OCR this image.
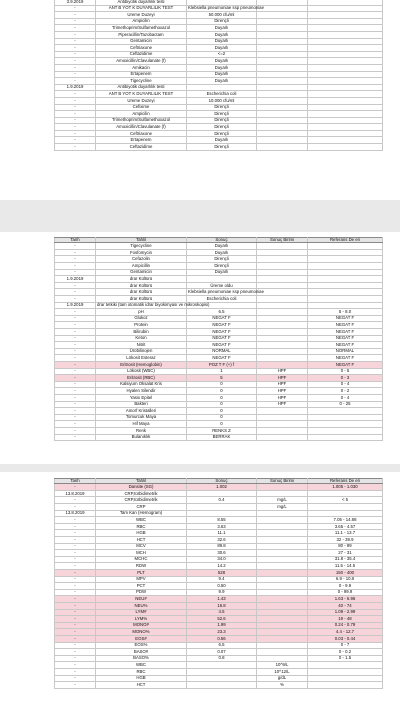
3.9.2019	Antibiyotik duyarlılık testi			
-	ANT B YOT K DUYARLILIK TEST	Klebsiella pneumoniae ssp pneumoniae		
-	Ureme Duzeyi	50.000 cfu/ml		
-	Ampicilin	Dirençli		
-	Trimethoprim/Sulfamethoxazol	Duyarlı		
-	Piperacillin/Tazobactam	Duyarlı		
-	Gentamicin	Duyarlı		
-	Ceftriaxone	Duyarlı		
-	Ceftazidime	<=2		
-	Amoxicillin/Clavulanate (f)	Duyarlı		
-	Amikacin	Duyarlı		
-	Ertapenem	Duyarlı		
-	Tigecycline	Duyarlı		
1.9.2019	Antibiyotik duyarlılık testi			
-	ANT B YOT K DUYARLILIK TEST	Escherichia coli		
-	Ureme Duzeyi	10.000 cfu/ml		
-	Cefixime	Dirençli		
-	Ampicilin	Dirençli		
-	Trimethoprim/Sulfamethoxazol	Dirençli		
-	Amoxicillin/Clavulanate (f)	Dirençli		
-	Ceftriaxone	Dirençli		
-	Ertapenem	Duyarlı		
-	Ceftazidime	Dirençli		
Tarih	Tahlil	Sonuç	Sonuç Birimi	Referans De eri
-	Tigecycline	Duyarlı		
-	Fosfomycin	Duyarlı		
-	Cefazolin	Dirençli		
-	Ampicillin	Dirençli		
-	Gentamicin	Duyarlı		
1.9.2019	drar Kültürü			
-	drar Kültürü	Üreme oldu		
-	drar Kültürü	Klebsiella pneumoniae ssp pneumoniae		
-	drar Kültürü	Escherichia coli		
1.9.2019	drar tetkiki (tam otomatik idrar biyokimyası ve mikroskopisi)			
-	pH	6.5		5 - 8.0
-	Glukoz	NEGAT F		NEGAT F
-	Protein	NEGAT F		NEGAT F
-	Bilirubin	NEGAT F		NEGAT F
-	Keton	NEGAT F		NEGAT F
-	Nitrit	NEGAT F		NEGAT F
-	Ürobilinojen	NORMAL		NORMAL
-	Lökosit Esteraz	NEGAT F		NEGAT F
-	Eritrosit (Hemoglobin)	POZ T F (+) f		NEGAT F
-	Lökosit (WBC)	1	HPF	0 - 5
-	Eritrosit (RBC)	5	HPF	0 - 3
-	Kalsiyum Oksalat Kris	0	HPF	0 - 4
-	Hyalen Silendir	0	HPF	0 - 2
-	Yassı Epitel	0	HPF	0 - 4
-	Bakteri	0	HPF	0 - 25
-	Amorf Kristalleri	0		
-	Tomurcuk Maya	0		
-	Hif Maya	0		
-	Renk	RENKS Z		
-	Bulanıklık	BERRAK		
Tarih	Tahlil	Sonuç	Sonuç Birimi	Referans De eri
-	Dansite (SG)	1.002		1.005 - 1.030
13.8.2019	CRP,türbidimetrik			
-	CRP,türbidimetrik	0.4	mg/L	< 5
-	CRP		mg/L	
13.8.2019	Tam Kan (Hemogram)			
-	WBC	8.55		7.05 - 14.88
-	RBC	3.63		3.65 - 4.57
-	HGB	11.1		11.1 - 13.7
-	HCT	32.6		32 - 39.9
-	MCV	89.8		80 - 99
-	MCH	30.6		27 - 31
-	MCHC	34.0		31.8 - 35.4
-	RDW	14.2		11.5 - 14.5
-	PLT	528		150 - 400
-	MPV	9.4		6.9 - 10.8
-	PCT	0.50		0 - 9.9
-	PDW	9.9		0 - 99.9
-	NEU#	1.43		1.63 - 6.96
-	NEU%	16.8		40 - 74
-	LYM#	4.5		1.09 - 2.99
-	LYM%	52.6		19 - 48
-	MONO#	1.99		0.24 - 0.79
-	MONO%	23.3		4.4 - 12.7
-	EOS#	0.56		0.03 - 0.44
-	EOS%	6.5		0 - 7
-	BASO#	0.07		0 - 0.2
-	BASO%	0.8		0 - 1.5
-	WBC		10^9/L	
-	RBC		10^12/L	
-	HGB		g/dL	
-	HCT		%	
